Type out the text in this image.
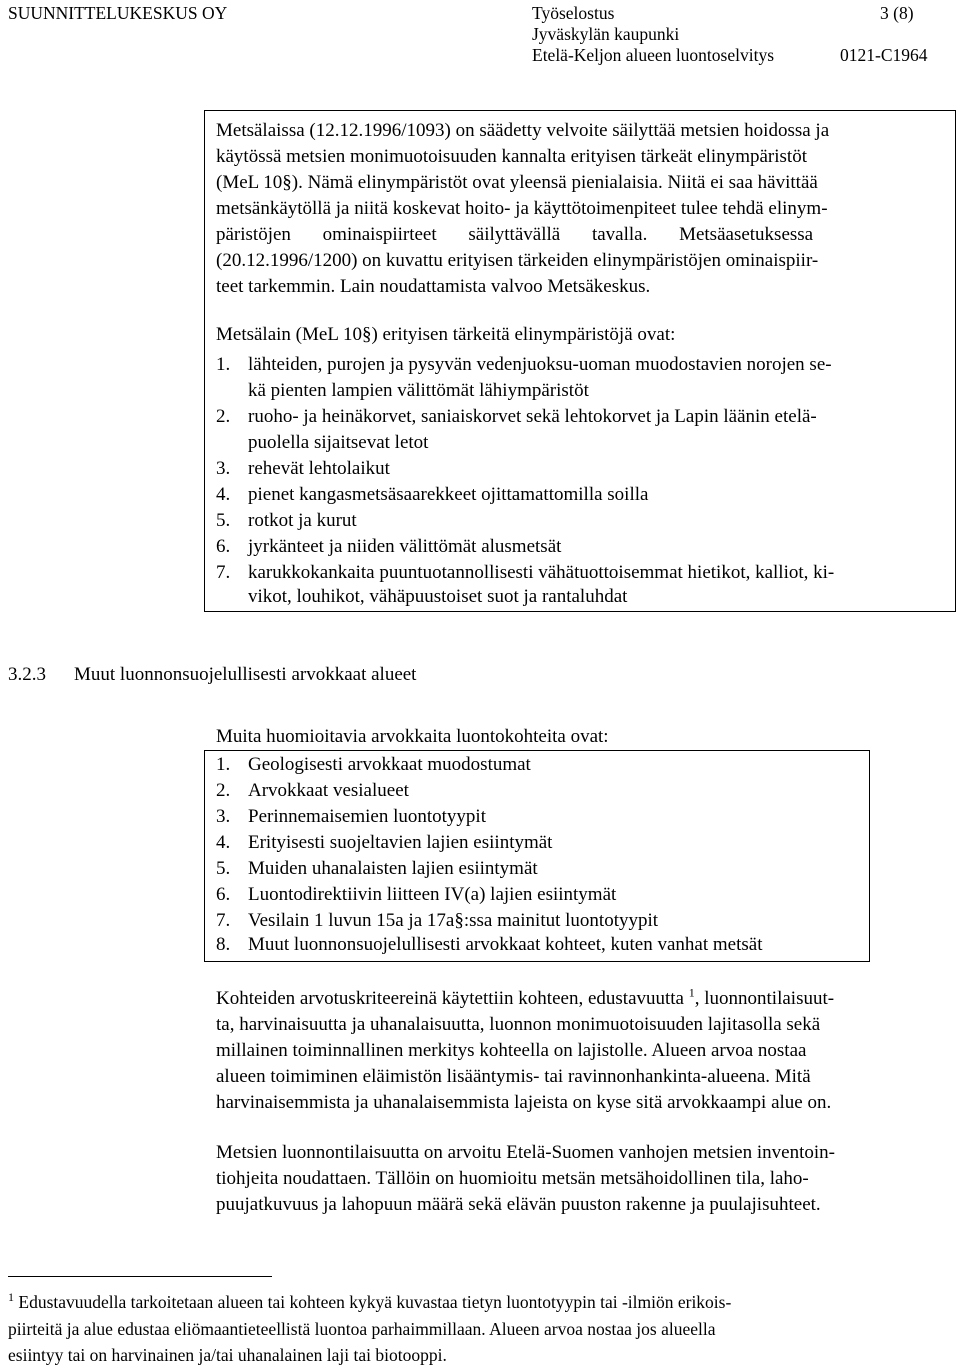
SUUNNITTELUKESKUS OY	Työselostus	3 (8)
Jyväskylän kaupunki
Etelä-Keljon alueen luontoselvitys	0121-C1964
Metsälaissa (12.12.1996/1093) on säädetty velvoite säilyttää metsien hoidossa ja
käytössä metsien monimuotoisuuden kannalta erityisen tärkeät elinympäristöt
(MeL 10§). Nämä elinympäristöt ovat yleensä pienialaisia. Niitä ei saa hävittää
metsänkäytöllä ja niitä koskevat hoito- ja käyttötoimenpiteet tulee tehdä elinym-
päristöjen ominaispiirteet säilyttävällä tavalla. Metsäasetuksessa
(20.12.1996/1200) on kuvattu erityisen tärkeiden elinympäristöjen ominaispiir-
teet tarkemmin. Lain noudattamista valvoo Metsäkeskus.
Metsälain (MeL 10§) erityisen tärkeitä elinympäristöjä ovat:
1. lähteiden, purojen ja pysyvän vedenjuoksu-uoman muodostavien norojen se-
kä pienten lampien välittömät lähiympäristöt
2. ruoho- ja heinäkorvet, saniaiskorvet sekä lehtokorvet ja Lapin läänin etelä-
puolella sijaitsevat letot
3. rehevät lehtolaikut
4. pienet kangasmetsäsaarekkeet ojittamattomilla soilla
5. rotkot ja kurut
6. jyrkänteet ja niiden välittömät alusmetsät
7. karukkokankaita puuntuotannollisesti vähätuottoisemmat hietikot, kalliot, ki-
vikot, louhikot, vähäpuustoiset suot ja rantaluhdat
3.2.3 Muut luonnonsuojelullisesti arvokkaat alueet
Muita huomioitavia arvokkaita luontokohteita ovat:
1. Geologisesti arvokkaat muodostumat
2. Arvokkaat vesialueet
3. Perinnemaisemien luontotyypit
4. Erityisesti suojeltavien lajien esiintymät
5. Muiden uhanalaisten lajien esiintymät
6. Luontodirektiivin liitteen IV(a) lajien esiintymät
7. Vesilain 1 luvun 15a ja 17a§:ssa mainitut luontotyypit
8. Muut luonnonsuojelullisesti arvokkaat kohteet, kuten vanhat metsät
Kohteiden arvotuskriteereinä käytettiin kohteen, edustavuutta $^1$, luonnontilaisuut-
ta, harvinaisuutta ja uhanalaisuutta, luonnon monimuotoisuuden lajitasolla sekä
millainen toiminnallinen merkitys kohteella on lajistolle. Alueen arvoa nostaa
alueen toimiminen eläimistön lisääntymis- tai ravinnonhankinta-alueena. Mitä
harvinaisemmista ja uhanalaisemmista lajeista on kyse sitä arvokkaampi alue on.
Metsien luonnontilaisuutta on arvoitu Etelä-Suomen vanhojen metsien inventoin-
tiohjeita noudattaen. Tällöin on huomioitu metsän metsähoidollinen tila, laho-
puujatkuvuus ja lahopuun määrä sekä elävän puuston rakenne ja puulajisuhteet.
$^1$ Edustavuudella tarkoitetaan alueen tai kohteen kykyä kuvastaa tietyn luontotyypin tai -ilmiön erikois-
piirteitä ja alue edustaa eliömaantieteellistä luontoa parhaimmillaan. Alueen arvoa nostaa jos alueella
esiintyy tai on harvinainen ja/tai uhanalainen laji tai biotooppi.
